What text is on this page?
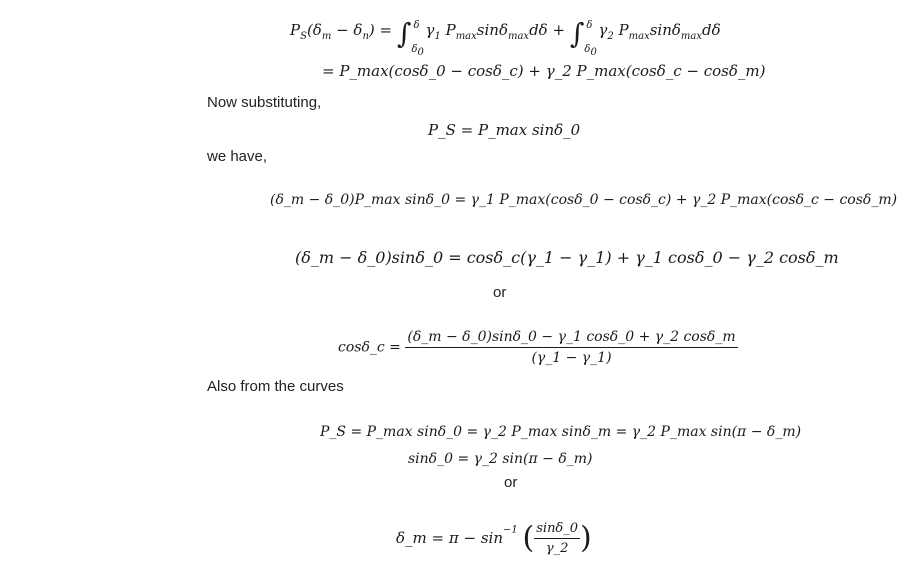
$P_S(\delta_m - \delta_n)$ = ∫ δ
$\delta_0$
$\gamma_1$ $P_{max}\sin\delta_{max}d\delta$ + ∫ δ
$\delta_0$
$\gamma_2$ $P_{max}\sin\delta_{max}d\delta$
= P_max(cosδ_0 − cosδ_c) + γ_2 P_max(cosδ_c − cosδ_m)
Now substituting,
P_S = P_max sinδ_0
we have,
(δ_m − δ_0)P_max sinδ_0 = γ_1 P_max(cosδ_0 − cosδ_c) + γ_2 P_max(cosδ_c − cosδ_m)
(δ_m − δ_0)sinδ_0 = cosδ_c(γ_1 − γ_1) + γ_1 cosδ_0 − γ_2 cosδ_m
or
cosδ_c = $\frac{(\delta\_m - \delta\_0)\sin\delta\_0 - \gamma\_1 \cos\delta\_0 + \gamma\_2 \cos\delta\_m}{(\gamma\_1 - \gamma\_1)}$
Also from the curves
P_S = P_max sinδ_0 = γ_2 P_max sinδ_m = γ_2 P_max sin(π − δ_m)
sinδ_0 = γ_2 sin(π − δ_m)
or
δ_m = $\pi - \sin^{-1}$ ( $\frac{\sin\delta\_0}{\gamma\_2}$ )
